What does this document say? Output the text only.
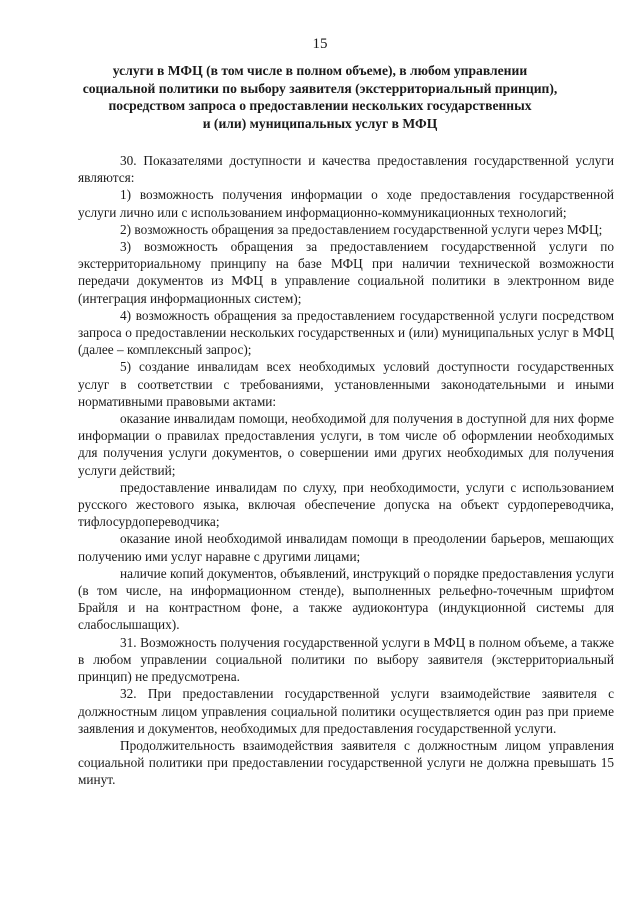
15
услуги в МФЦ (в том числе в полном объеме), в любом управлении
социальной политики по выбору заявителя (экстерриториальный принцип),
посредством запроса о предоставлении нескольких государственных
и (или) муниципальных услуг в МФЦ

30. Показателями доступности и качества предоставления государственной услуги являются:

1) возможность получения информации о ходе предоставления государственной услуги лично или с использованием информационно-коммуникационных технологий;

2) возможность обращения за предоставлением государственной услуги через МФЦ;

3) возможность обращения за предоставлением государственной услуги по экстерриториальному принципу на базе МФЦ при наличии технической возможности передачи документов из МФЦ в управление социальной политики в электронном виде (интеграция информационных систем);

4) возможность обращения за предоставлением государственной услуги посредством запроса о предоставлении нескольких государственных и (или) муниципальных услуг в МФЦ (далее – комплексный запрос);

5) создание инвалидам всех необходимых условий доступности государственных услуг в соответствии с требованиями, установленными законодательными и иными нормативными правовыми актами:

оказание инвалидам помощи, необходимой для получения в доступной для них форме информации о правилах предоставления услуги, в том числе об оформлении необходимых для получения услуги документов, о совершении ими других необходимых для получения услуги действий;

предоставление инвалидам по слуху, при необходимости, услуги с использованием русского жестового языка, включая обеспечение допуска на объект сурдопереводчика, тифлосурдопереводчика;

оказание иной необходимой инвалидам помощи в преодолении барьеров, мешающих получению ими услуг наравне с другими лицами;

наличие копий документов, объявлений, инструкций о порядке предоставления услуги (в том числе, на информационном стенде), выполненных рельефно-точечным шрифтом Брайля и на контрастном фоне, а также аудиоконтура (индукционной системы для слабослышащих).

31. Возможность получения государственной услуги в МФЦ в полном объеме, а также в любом управлении социальной политики по выбору заявителя (экстерриториальный принцип) не предусмотрена.

32. При предоставлении государственной услуги взаимодействие заявителя с должностным лицом управления социальной политики осуществляется один раз при приеме заявления и документов, необходимых для предоставления государственной услуги.

Продолжительность взаимодействия заявителя с должностным лицом управления социальной политики при предоставлении государственной услуги не должна превышать 15 минут.
